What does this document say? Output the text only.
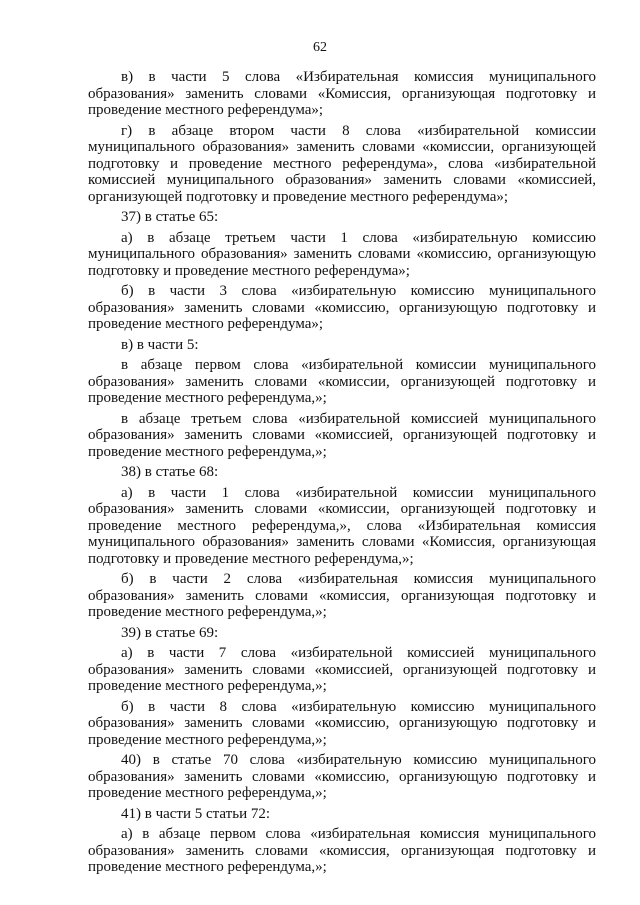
62

в) в части 5 слова «Избирательная комиссия муниципального образования» заменить словами «Комиссия, организующая подготовку и проведение местного референдума»;

г) в абзаце втором части 8 слова «избирательной комиссии муниципального образования» заменить словами «комиссии, организующей подготовку и проведение местного референдума», слова «избирательной комиссией муниципального образования» заменить словами «комиссией, организующей подготовку и проведение местного референдума»;

37) в статье 65:

а) в абзаце третьем части 1 слова «избирательную комиссию муниципального образования» заменить словами «комиссию, организующую подготовку и проведение местного референдума»;

б) в части 3 слова «избирательную комиссию муниципального образования» заменить словами «комиссию, организующую подготовку и проведение местного референдума»;

в) в части 5:

в абзаце первом слова «избирательной комиссии муниципального образования» заменить словами «комиссии, организующей подготовку и проведение местного референдума,»;

в абзаце третьем слова «избирательной комиссией муниципального образования» заменить словами «комиссией, организующей подготовку и проведение местного референдума,»;

38) в статье 68:

а) в части 1 слова «избирательной комиссии муниципального образования» заменить словами «комиссии, организующей подготовку и проведение местного референдума,», слова «Избирательная комиссия муниципального образования» заменить словами «Комиссия, организующая подготовку и проведение местного референдума,»;

б) в части 2 слова «избирательная комиссия муниципального образования» заменить словами «комиссия, организующая подготовку и проведение местного референдума,»;

39) в статье 69:

а) в части 7 слова «избирательной комиссией муниципального образования» заменить словами «комиссией, организующей подготовку и проведение местного референдума,»;

б) в части 8 слова «избирательную комиссию муниципального образования» заменить словами «комиссию, организующую подготовку и проведение местного референдума,»;

40) в статье 70 слова «избирательную комиссию муниципального образования» заменить словами «комиссию, организующую подготовку и проведение местного референдума,»;

41) в части 5 статьи 72:

а) в абзаце первом слова «избирательная комиссия муниципального образования» заменить словами «комиссия, организующая подготовку и проведение местного референдума,»;
